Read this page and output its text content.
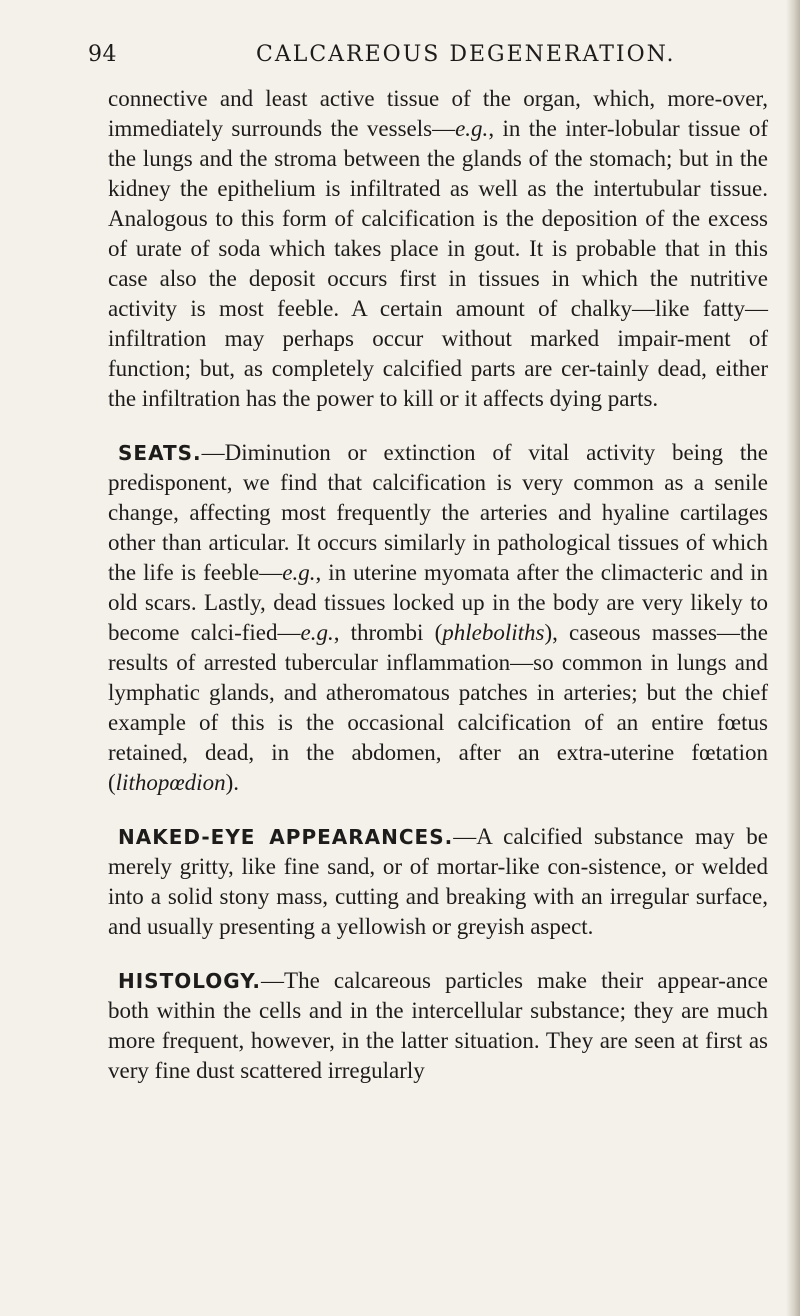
94	CALCAREOUS DEGENERATION.

connective and least active tissue of the organ, which, more-over, immediately surrounds the vessels—e.g., in the inter-lobular tissue of the lungs and the stroma between the glands of the stomach; but in the kidney the epithelium is infiltrated as well as the intertubular tissue. Analogous to this form of calcification is the deposition of the excess of urate of soda which takes place in gout. It is probable that in this case also the deposit occurs first in tissues in which the nutritive activity is most feeble. A certain amount of chalky—like fatty—infiltration may perhaps occur without marked impair-ment of function; but, as completely calcified parts are cer-tainly dead, either the infiltration has the power to kill or it affects dying parts.

SEATS.—Diminution or extinction of vital activity being the predisponent, we find that calcification is very common as a senile change, affecting most frequently the arteries and hyaline cartilages other than articular. It occurs similarly in pathological tissues of which the life is feeble—e.g., in uterine myomata after the climacteric and in old scars. Lastly, dead tissues locked up in the body are very likely to become calci-fied—e.g., thrombi (phleboliths), caseous masses—the results of arrested tubercular inflammation—so common in lungs and lymphatic glands, and atheromatous patches in arteries; but the chief example of this is the occasional calcification of an entire fœtus retained, dead, in the abdomen, after an extra-uterine fœtation (lithopœdion).

NAKED-EYE APPEARANCES.—A calcified substance may be merely gritty, like fine sand, or of mortar-like con-sistence, or welded into a solid stony mass, cutting and breaking with an irregular surface, and usually presenting a yellowish or greyish aspect.

HISTOLOGY.—The calcareous particles make their appear-ance both within the cells and in the intercellular substance; they are much more frequent, however, in the latter situation. They are seen at first as very fine dust scattered irregularly
